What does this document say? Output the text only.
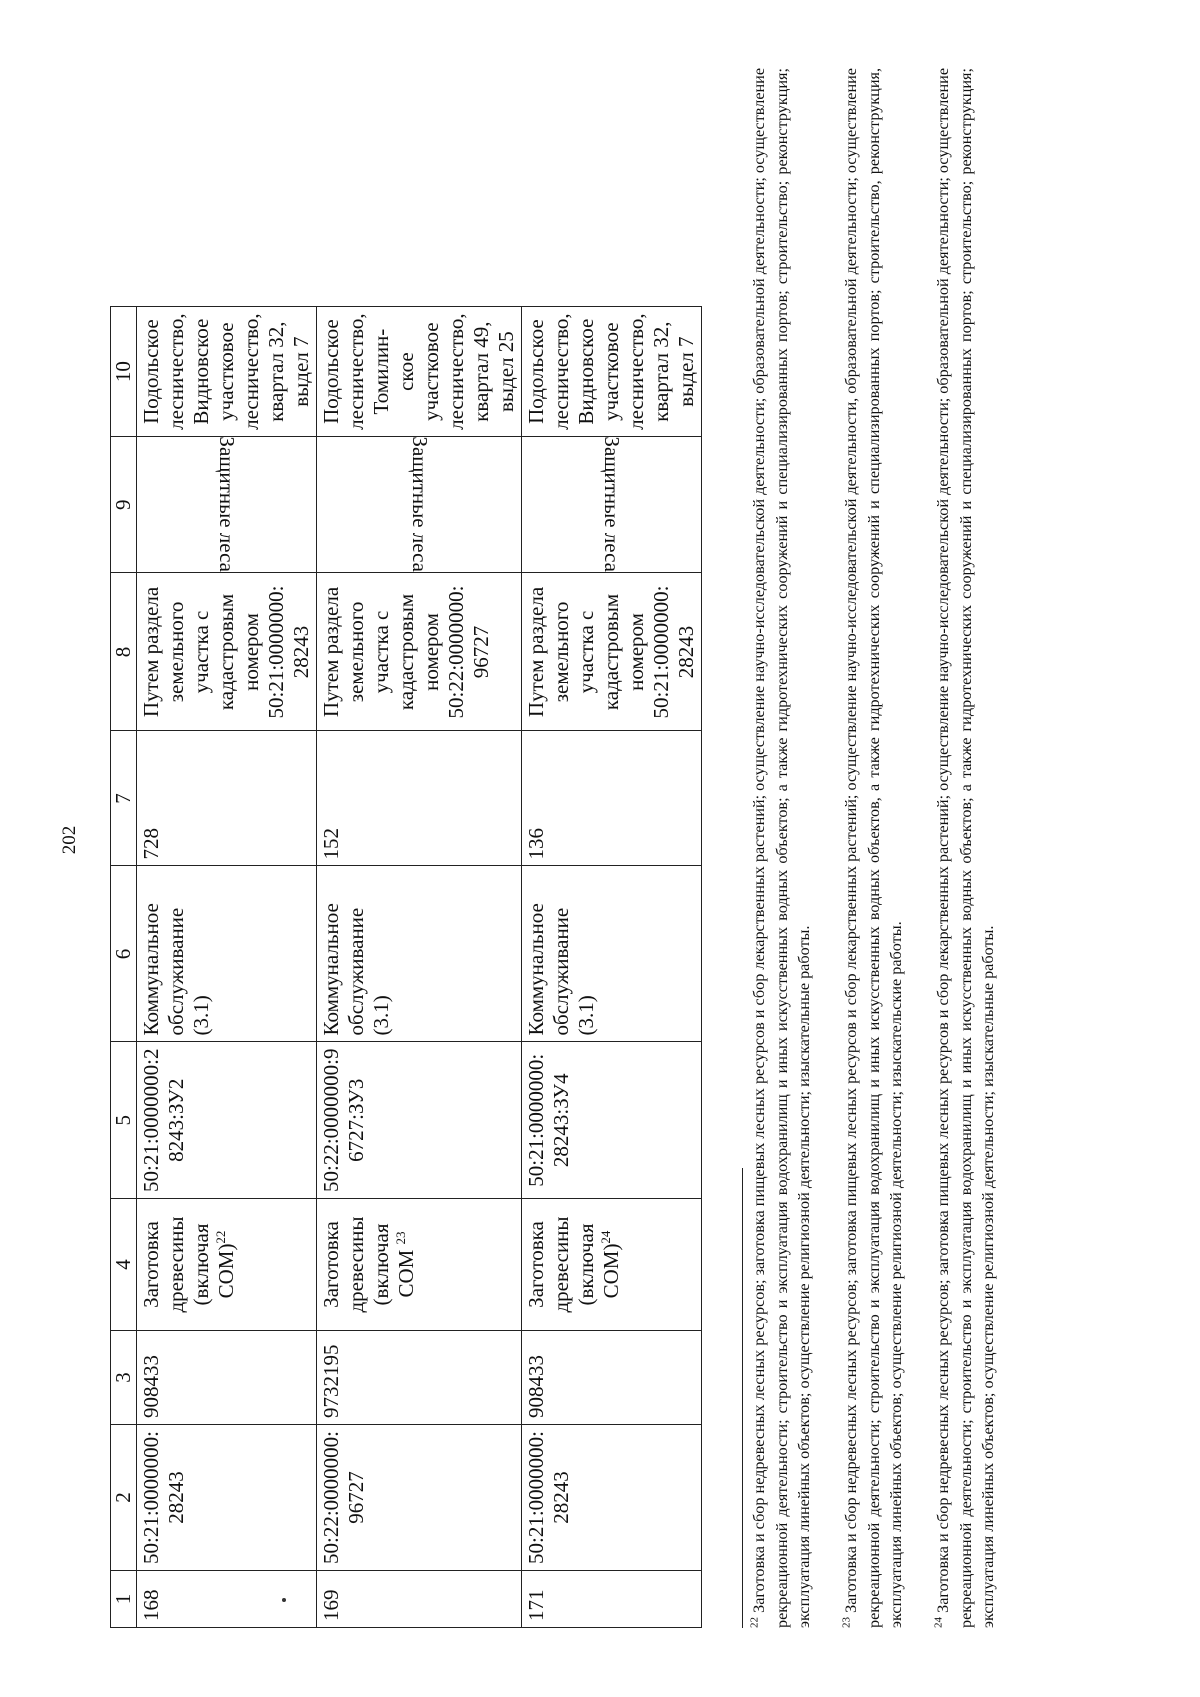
202
1	2	3	4	5	6	7	8	9	10
168	50:21:0000000: 28243	908433	Заготовка древесины (включая СОМ)$^{22}$	50:21:0000000:2 8243:ЗУ2	Коммунальное обслуживание (3.1)	728	Путем раздела земельного участка с кадастровым номером 50:21:0000000: 28243	Защитные леса	Подольское лесничество, Видновское участковое лесничество, квартал 32, выдел 7
169	50:22:0000000: 96727	9732195	Заготовка древесины (включая СОМ $^{23}$	50:22:0000000:9 6727:ЗУ3	Коммунальное обслуживание (3.1)	152	Путем раздела земельного участка с кадастровым номером 50:22:0000000: 96727	Защитные леса	Подольское лесничество, Томилин- ское участковое лесничество, квартал 49, выдел 25
171	50:21:0000000: 28243	908433	Заготовка древесины (включая СОМ)$^{24}$	50:21:0000000: 28243:ЗУ4	Коммунальное обслуживание (3.1)	136	Путем раздела земельного участка с кадастровым номером 50:21:0000000: 28243	Защитные леса	Подольское лесничество, Видновское участковое лесничество, квартал 32, выдел 7
$^{22}$ Заготовка и сбор недревесных лесных ресурсов; заготовка пищевых лесных ресурсов и сбор лекарственных растений; осуществление научно-исследовательской деятельности; образовательной деятельности; осуществление рекреационной деятельности; строительство и эксплуатация водохранилищ и иных искусственных водных объектов; а также гидротехнических сооружений и специализированных портов; строительство; реконструкция; эксплуатация линейных объектов; осуществление религиозной деятельности; изыскательные работы.	$^{23}$ Заготовка и сбор недревесных лесных ресурсов; заготовка пищевых лесных ресурсов и сбор лекарственных растений; осуществление научно-исследовательской деятельности, образовательной деятельности; осуществление рекреационной деятельности; строительство и эксплуатация водохранилищ и иных искусственных водных объектов, а также гидротехнических сооружений и специализированных портов; строительство, реконструкция, эксплуатация линейных объектов; осуществление религиозной деятельности; изыскательские работы.	$^{24}$ Заготовка и сбор недревесных лесных ресурсов; заготовка пищевых лесных ресурсов и сбор лекарственных растений; осуществление научно-исследовательской деятельности; образовательной деятельности; осуществление рекреационной деятельности; строительство и эксплуатация водохранилищ и иных искусственных водных объектов; а также гидротехнических сооружений и специализированных портов; строительство; реконструкция; эксплуатация линейных объектов; осуществление религиозной деятельности; изыскательные работы.
